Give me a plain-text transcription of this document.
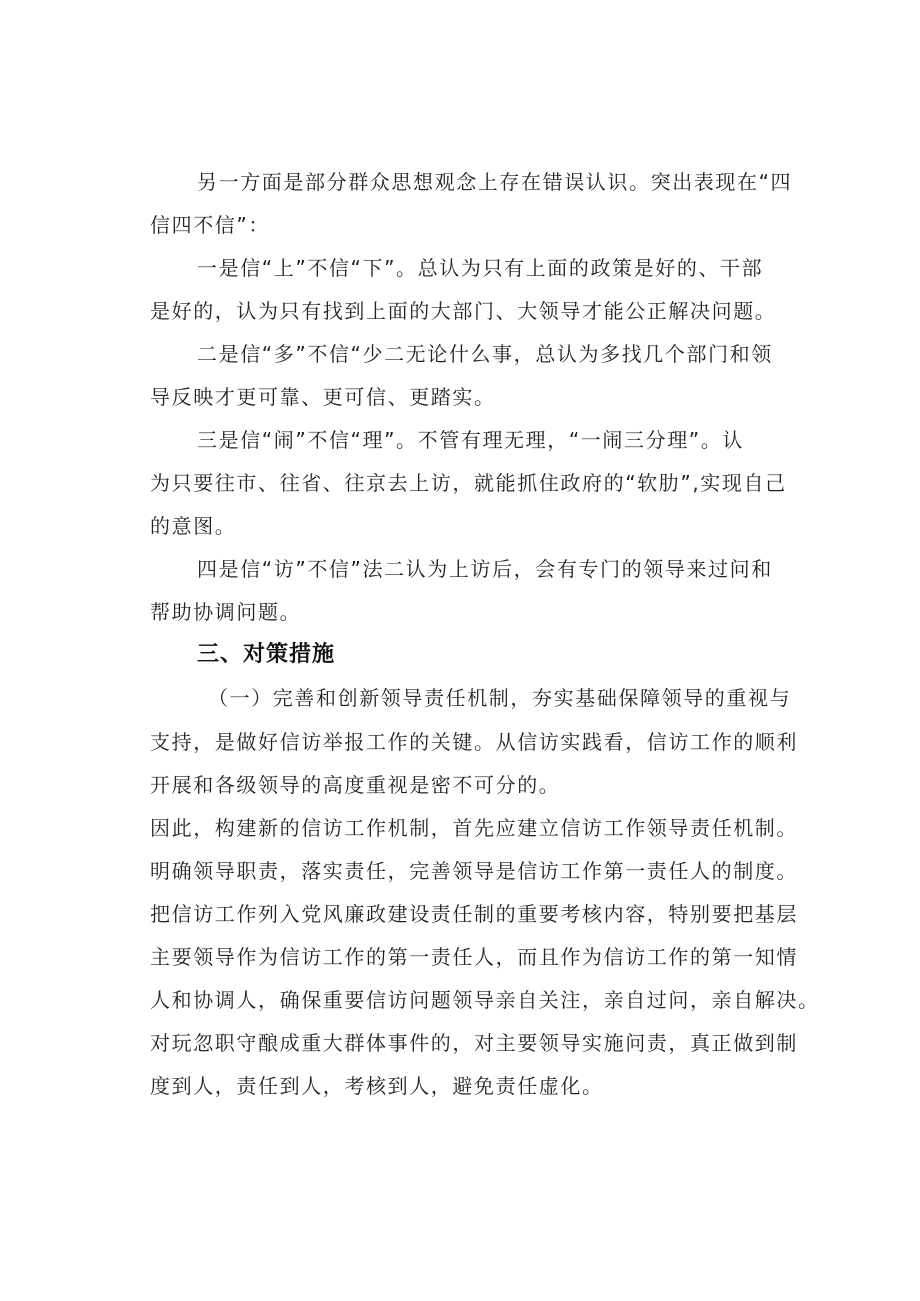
另一方面是部分群众思想观念上存在错误认识。突出表现在“四
信四不信”：
一是信“上”不信“下”。总认为只有上面的政策是好的、干部
是好的，认为只有找到上面的大部门、大领导才能公正解决问题。
二是信“多”不信“少二无论什么事，总认为多找几个部门和领
导反映才更可靠、更可信、更踏实。
三是信“闹”不信“理”。不管有理无理，“一闹三分理”。认
为只要往市、往省、往京去上访，就能抓住政府的“软肋”,实现自己
的意图。
四是信“访”不信”法二认为上访后，会有专门的领导来过问和
帮助协调问题。
三、对策措施
（一）完善和创新领导责任机制，夯实基础保障领导的重视与
支持，是做好信访举报工作的关键。从信访实践看，信访工作的顺利
开展和各级领导的高度重视是密不可分的。
因此，构建新的信访工作机制，首先应建立信访工作领导责任机制。
明确领导职责，落实责任，完善领导是信访工作第一责任人的制度。
把信访工作列入党风廉政建设责任制的重要考核内容，特别要把基层
主要领导作为信访工作的第一责任人，而且作为信访工作的第一知情
人和协调人，确保重要信访问题领导亲自关注，亲自过问，亲自解决。
对玩忽职守酿成重大群体事件的，对主要领导实施问责，真正做到制
度到人，责任到人，考核到人，避免责任虚化。
